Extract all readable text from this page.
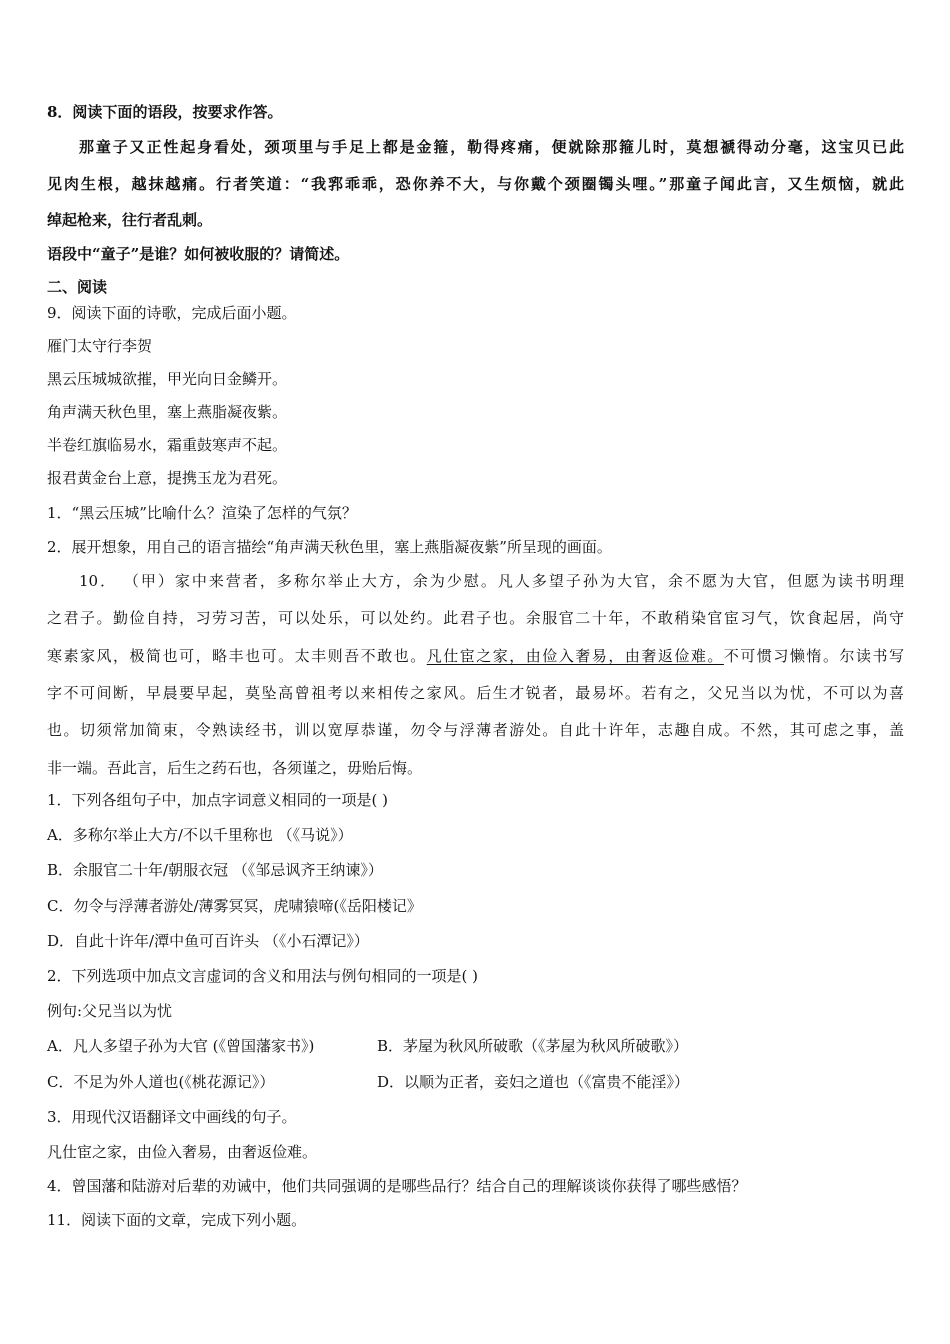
8．阅读下面的语段，按要求作答。
那童子又正性起身看处，颈项里与手足上都是金箍，勒得疼痛，便就除那箍儿时，莫想禠得动分毫，这宝贝已此
见肉生根，越抹越痛。行者笑道：“我郛乖乖，恐你养不大，与你戴个颈圈镯头哩。”那童子闻此言，又生烦恼，就此
绰起枪来，往行者乱刺。
语段中“童子”是谁？如何被收服的？请简述。
二、阅读
9．阅读下面的诗歌，完成后面小题。
雁门太守行李贺
黑云压城城欲摧，甲光向日金鳞开。
角声满天秋色里，塞上燕脂凝夜紫。
半卷红旗临易水，霜重鼓寒声不起。
报君黄金台上意，提携玉龙为君死。
1．“黑云压城”比喻什么？渲染了怎样的气氛？
2．展开想象，用自己的语言描绘“角声满天秋色里，塞上燕脂凝夜紫”所呈现的画面。
10． （甲）家中来营者，多称尔举止大方，余为少慰。凡人多望子孙为大官，余不愿为大官，但愿为读书明理
之君子。勤俭自持，习劳习苦，可以处乐，可以处约。此君子也。余服官二十年，不敢稍染官宦习气，饮食起居，尚守
寒素家风，极简也可，略丰也可。太丰则吾不敢也。凡仕宦之家，由俭入奢易，由奢返俭难。不可惯习懒惰。尔读书写
字不可间断，早晨要早起，莫坠高曾祖考以来相传之家风。后生才锐者，最易坏。若有之，父兄当以为忧，不可以为喜
也。切须常加简束，令熟读经书，训以宽厚恭谨，勿令与浮薄者游处。自此十许年，志趣自成。不然，其可虑之事，盖
非一端。吾此言，后生之药石也，各须谨之，毋贻后悔。
1．下列各组句子中，加点字词意义相同的一项是( )
A．多称尔举止大方/不以千里称也 （《马说》）
B．余服官二十年/朝服衣冠 （《邹忌讽齐王纳谏》）
C．勿令与浮薄者游处/薄雾冥冥，虎啸猿啼(《岳阳楼记》
D．自此十许年/潭中鱼可百许头 （《小石潭记》）
2．下列选项中加点文言虚词的含义和用法与例句相同的一项是( )
例句:父兄当以为忧
A．凡人多望子孙为大官 (《曾国藩家书》)	B．茅屋为秋风所破歌（《茅屋为秋风所破歌》）
C．不足为外人道也(《桃花源记》）	D．以顺为正者，妾妇之道也（《富贵不能淫》）
3．用现代汉语翻译文中画线的句子。
凡仕宦之家，由俭入奢易，由奢返俭难。
4．曾国藩和陆游对后辈的劝诫中，他们共同强调的是哪些品行？结合自己的理解谈谈你获得了哪些感悟？
11．阅读下面的文章，完成下列小题。
